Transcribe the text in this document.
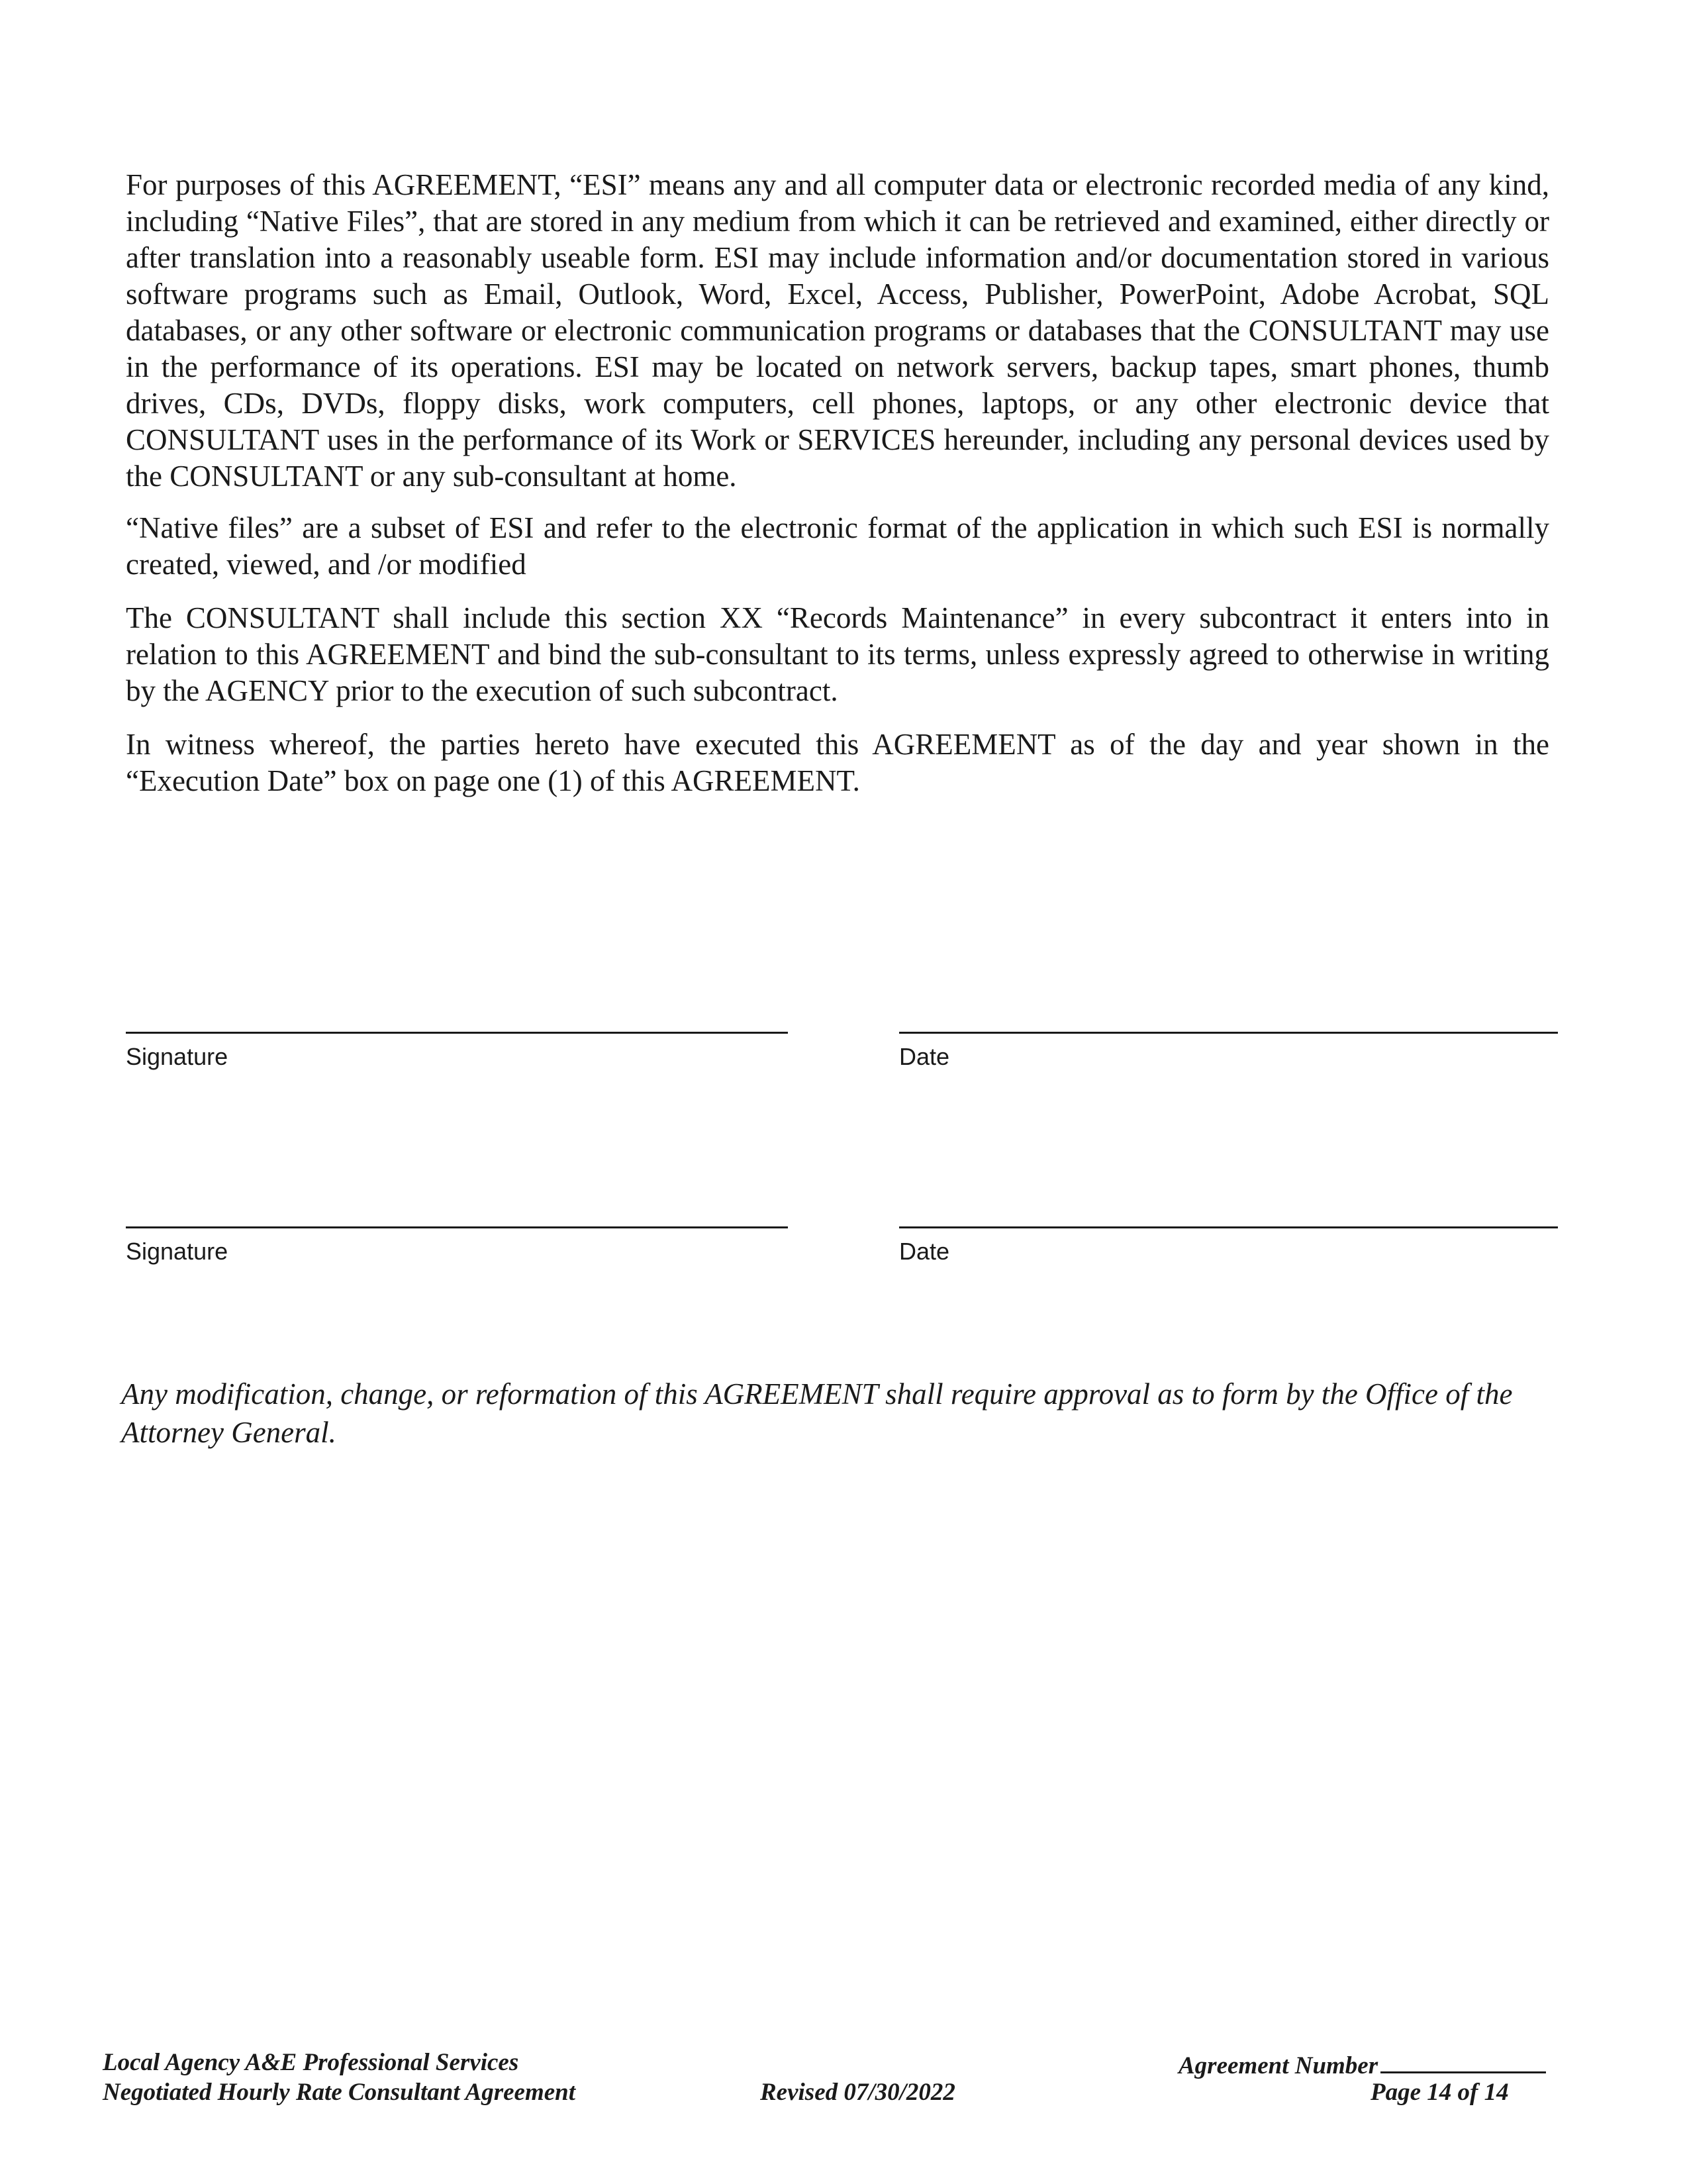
For purposes of this AGREEMENT, “ESI” means any and all computer data or electronic recorded media of any kind, including “Native Files”, that are stored in any medium from which it can be retrieved and examined, either directly or after translation into a reasonably useable form. ESI may include information and/or documentation stored in various software programs such as Email, Outlook, Word, Excel, Access, Publisher, PowerPoint, Adobe Acrobat, SQL databases, or any other software or electronic communication programs or databases that the CONSULTANT may use in the performance of its operations. ESI may be located on network servers, backup tapes, smart phones, thumb drives, CDs, DVDs, floppy disks, work computers, cell phones, laptops, or any other electronic device that CONSULTANT uses in the performance of its Work or SERVICES hereunder, including any personal devices used by the CONSULTANT or any sub-consultant at home.

“Native files” are a subset of ESI and refer to the electronic format of the application in which such ESI is normally created, viewed, and /or modified

The CONSULTANT shall include this section XX “Records Maintenance” in every subcontract it enters into in relation to this AGREEMENT and bind the sub-consultant to its terms, unless expressly agreed to otherwise in writing by the AGENCY prior to the execution of such subcontract.

In witness whereof, the parties hereto have executed this AGREEMENT as of the day and year shown in the “Execution Date” box on page one (1) of this AGREEMENT.

Signature	Date
Signature	Date

Any modification, change, or reformation of this AGREEMENT shall require approval as to form by the Office of the Attorney General.

Local Agency A&E Professional Services
Negotiated Hourly Rate Consultant Agreement	Revised 07/30/2022
Agreement Number
Page 14 of 14
